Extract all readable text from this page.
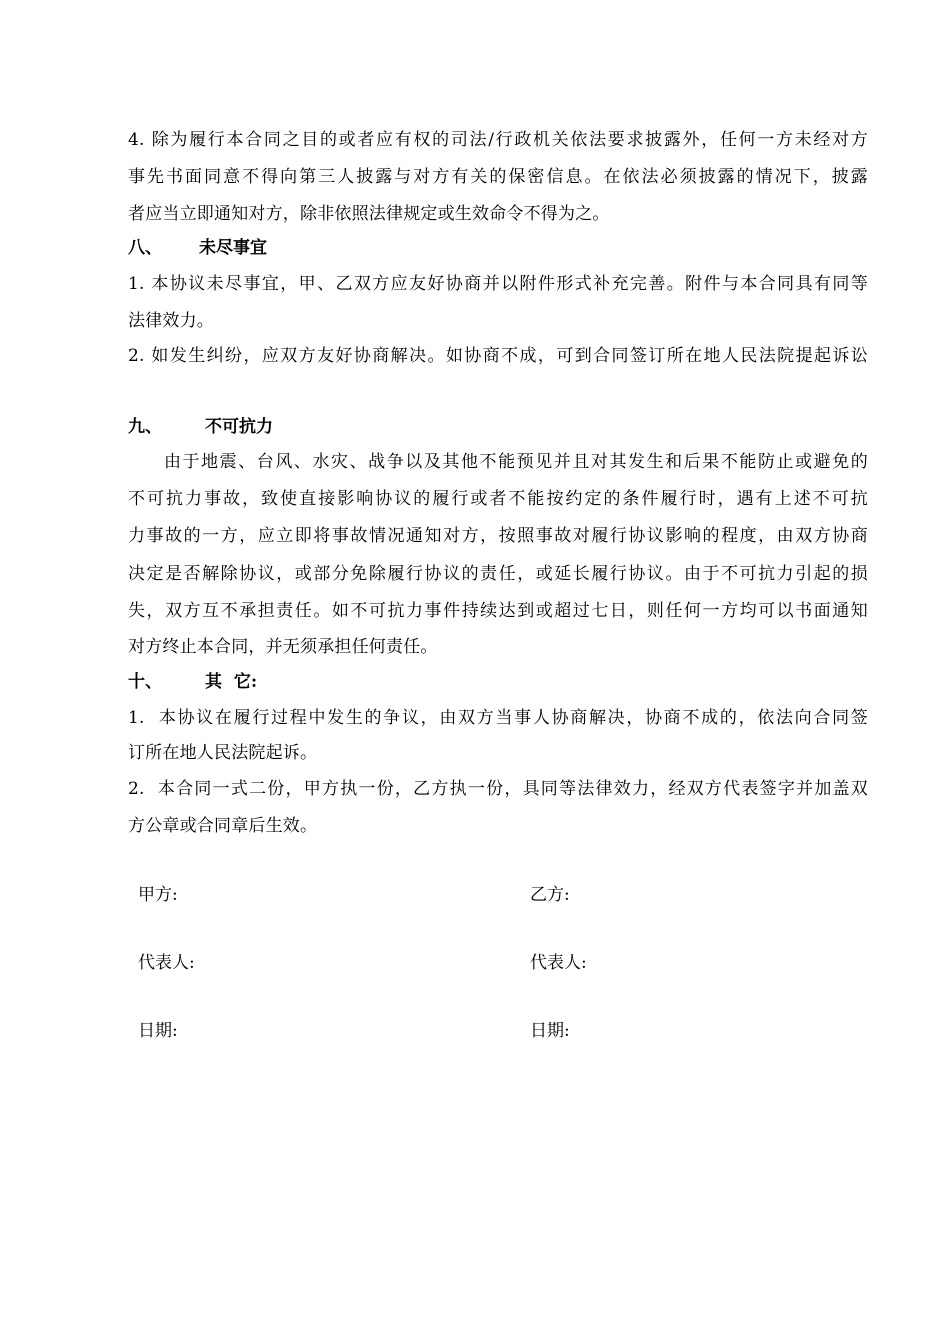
4. 除为履行本合同之目的或者应有权的司法/行政机关依法要求披露外，任何一方未经对方
事先书面同意不得向第三人披露与对方有关的保密信息。在依法必须披露的情况下，披露
者应当立即通知对方，除非依照法律规定或生效命令不得为之。
八、 未尽事宜
1. 本协议未尽事宜，甲、乙双方应友好协商并以附件形式补充完善。附件与本合同具有同等
法律效力。
2. 如发生纠纷，应双方友好协商解决。如协商不成，可到合同签订所在地人民法院提起诉讼
九、	不可抗力
由于地震、台风、水灾、战争以及其他不能预见并且对其发生和后果不能防止或避免的
不可抗力事故，致使直接影响协议的履行或者不能按约定的条件履行时，遇有上述不可抗
力事故的一方，应立即将事故情况通知对方，按照事故对履行协议影响的程度，由双方协商
决定是否解除协议，或部分免除履行协议的责任，或延长履行协议。由于不可抗力引起的损
失，双方互不承担责任。如不可抗力事件持续达到或超过七日，则任何一方均可以书面通知
对方终止本合同，并无须承担任何责任。
十、	其  它:
1.  本协议在履行过程中发生的争议，由双方当事人协商解决，协商不成的，依法向合同签
订所在地人民法院起诉。
2.  本合同一式二份，甲方执一份，乙方执一份，具同等法律效力，经双方代表签字并加盖双
方公章或合同章后生效。
甲方:	乙方:
代表人:	代表人:
日期:	日期:
